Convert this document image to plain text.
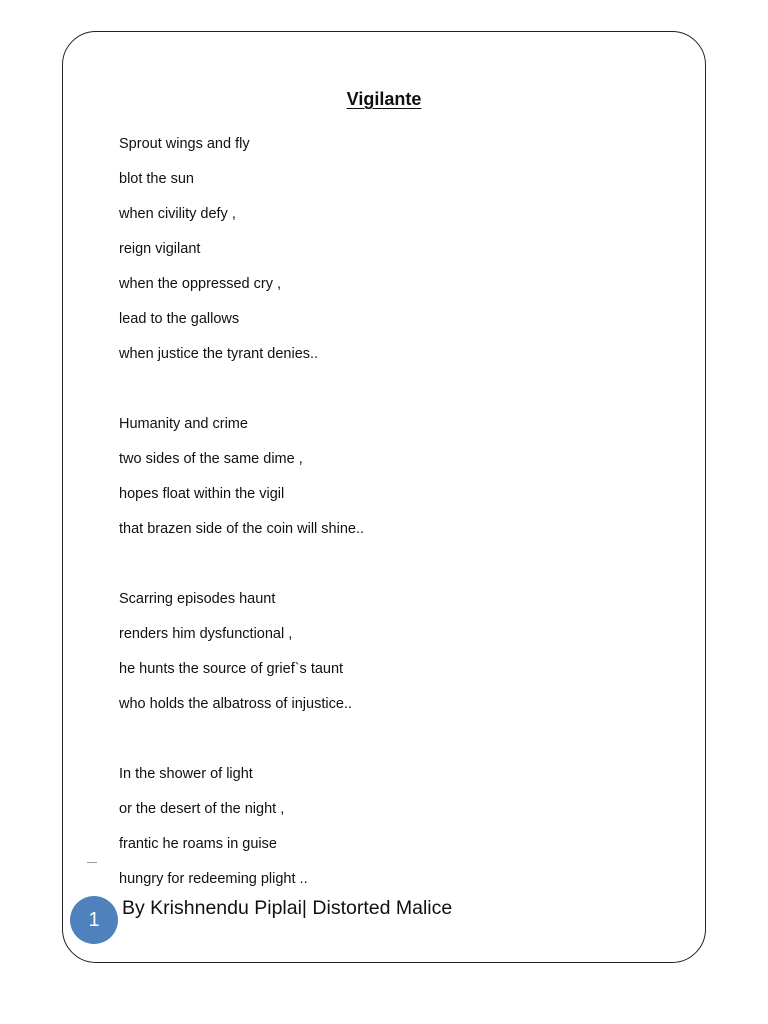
Vigilante
Sprout wings and fly
blot the sun
when civility defy ,
reign vigilant
when the oppressed cry ,
lead to the gallows
when justice the tyrant denies..
Humanity and crime
two sides of the same dime ,
hopes float within the vigil
that brazen side of the coin will shine..
Scarring episodes haunt
renders him dysfunctional ,
he hunts the source of grief`s taunt
who holds the albatross of injustice..
In the shower of light
or the desert of the night ,
frantic he roams in guise
hungry for redeeming plight ..
1
By Krishnendu Piplai| Distorted Malice
